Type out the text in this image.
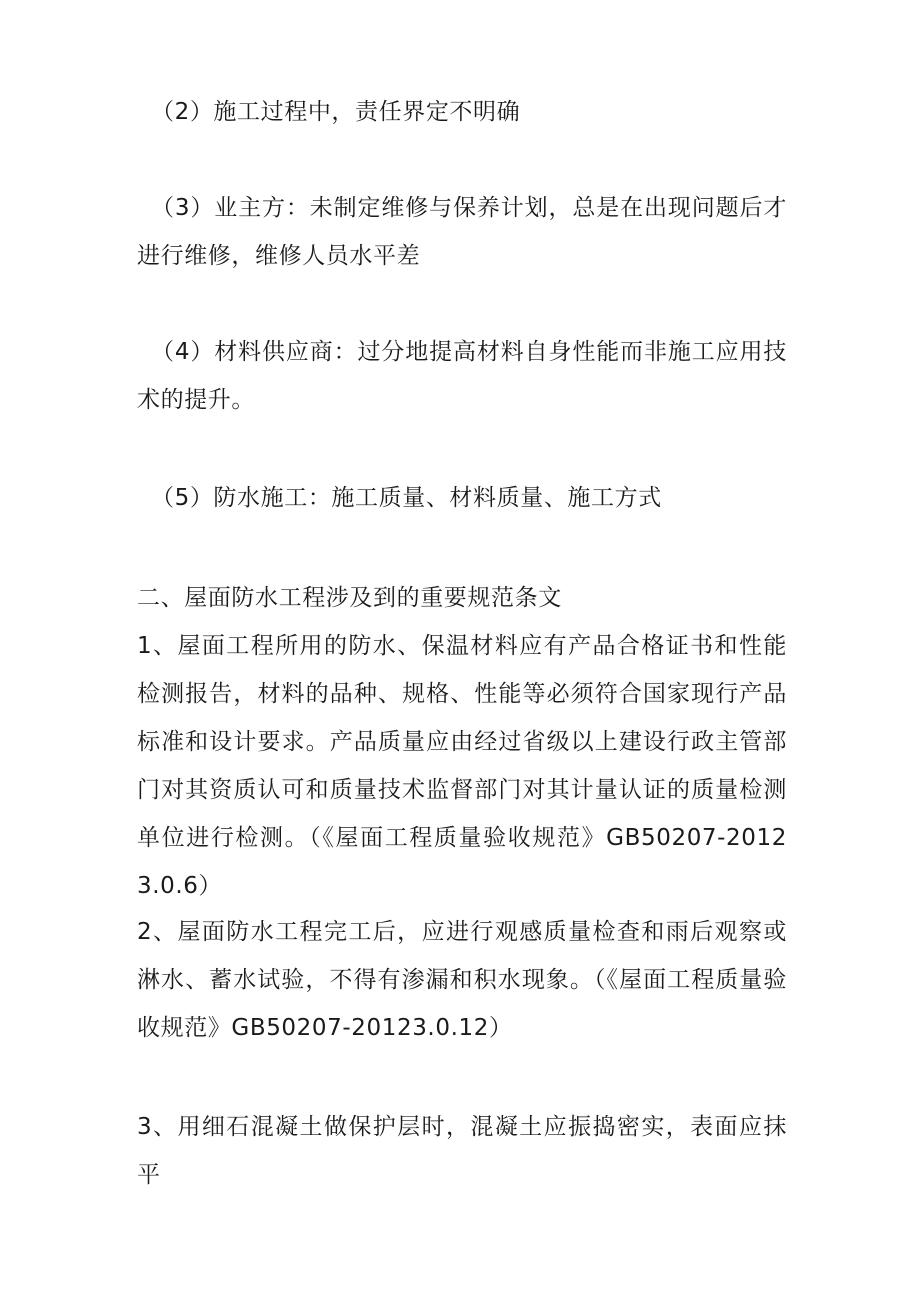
（2）施工过程中，责任界定不明确

（3）业主方：未制定维修与保养计划，总是在出现问题后才进行维修，维修人员水平差

（4）材料供应商：过分地提高材料自身性能而非施工应用技术的提升。

（5）防水施工：施工质量、材料质量、施工方式

二、屋面防水工程涉及到的重要规范条文

1、屋面工程所用的防水、保温材料应有产品合格证书和性能检测报告，材料的品种、规格、性能等必须符合国家现行产品标准和设计要求。产品质量应由经过省级以上建设行政主管部门对其资质认可和质量技术监督部门对其计量认证的质量检测单位进行检测。（《屋面工程质量验收规范》GB50207-20123.0.6）

2、屋面防水工程完工后，应进行观感质量检查和雨后观察或淋水、蓄水试验，不得有渗漏和积水现象。（《屋面工程质量验收规范》GB50207-20123.0.12）

3、用细石混凝土做保护层时，混凝土应振捣密实，表面应抹平
